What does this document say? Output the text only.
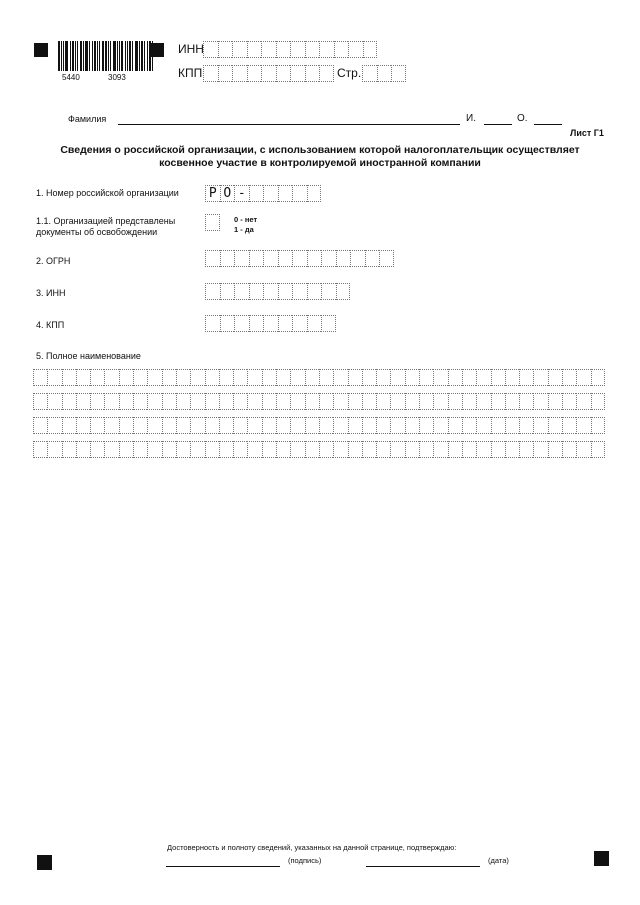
5440	3093
ИНН
КПП	Стр.
Фамилия	И.	О.
Лист Г1
Сведения о российской организации, с использованием которой налогоплательщик осуществляет
косвенное участие в контролируемой иностранной компании
1. Номер российской организации Р О -
1.1. Организацией представлены
документы об освобождении
0 - нет
1 - да
2. ОГРН
3. ИНН
4. КПП
5. Полное наименование
Достоверность и полноту сведений, указанных на данной странице, подтверждаю:
(подпись)	(дата)
